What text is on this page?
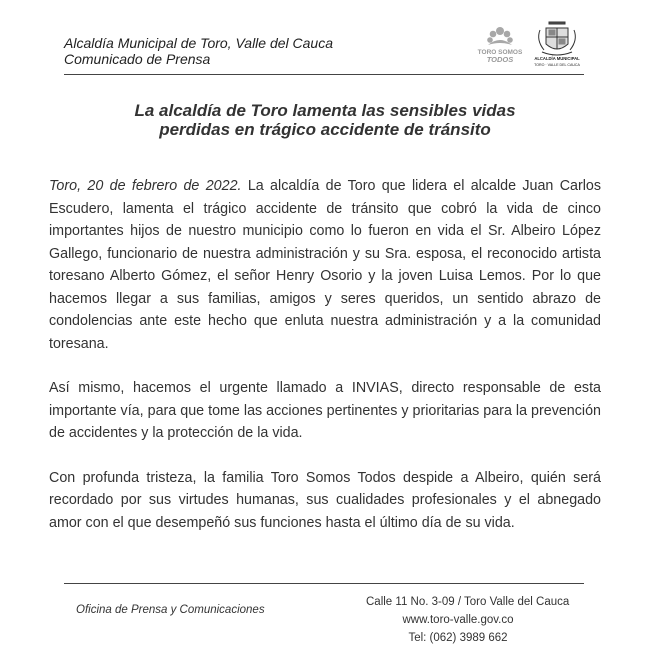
Alcaldía Municipal de Toro, Valle del Cauca
Comunicado de Prensa	TORO SOMOS
TODOS	ALCALDÍA MUNICIPAL
TORO · VALLE DEL CAUCA
La alcaldía de Toro lamenta las sensibles vidas
perdidas en trágico accidente de tránsito

Toro, 20 de febrero de 2022. La alcaldía de Toro que lidera el alcalde Juan Carlos Escudero, lamenta el trágico accidente de tránsito que cobró la vida de cinco importantes hijos de nuestro municipio como lo fueron en vida el Sr. Albeiro López Gallego, funcionario de nuestra administración y su Sra. esposa, el reconocido artista toresano Alberto Gómez, el señor Henry Osorio y la joven Luisa Lemos. Por lo que hacemos llegar a sus familias, amigos y seres queridos, un sentido abrazo de condolencias ante este hecho que enluta nuestra administración y a la comunidad toresana.

Así mismo, hacemos el urgente llamado a INVIAS, directo responsable de esta importante vía, para que tome las acciones pertinentes y prioritarias para la prevención de accidentes y la protección de la vida.

Con profunda tristeza, la familia Toro Somos Todos despide a Albeiro, quién será recordado por sus virtudes humanas, sus cualidades profesionales y el abnegado amor con el que desempeñó sus funciones hasta el último día de su vida.

Oficina de Prensa y Comunicaciones
Calle 11 No. 3-09 / Toro Valle del Cauca
www.toro-valle.gov.co
Tel: (062) 3989 662
